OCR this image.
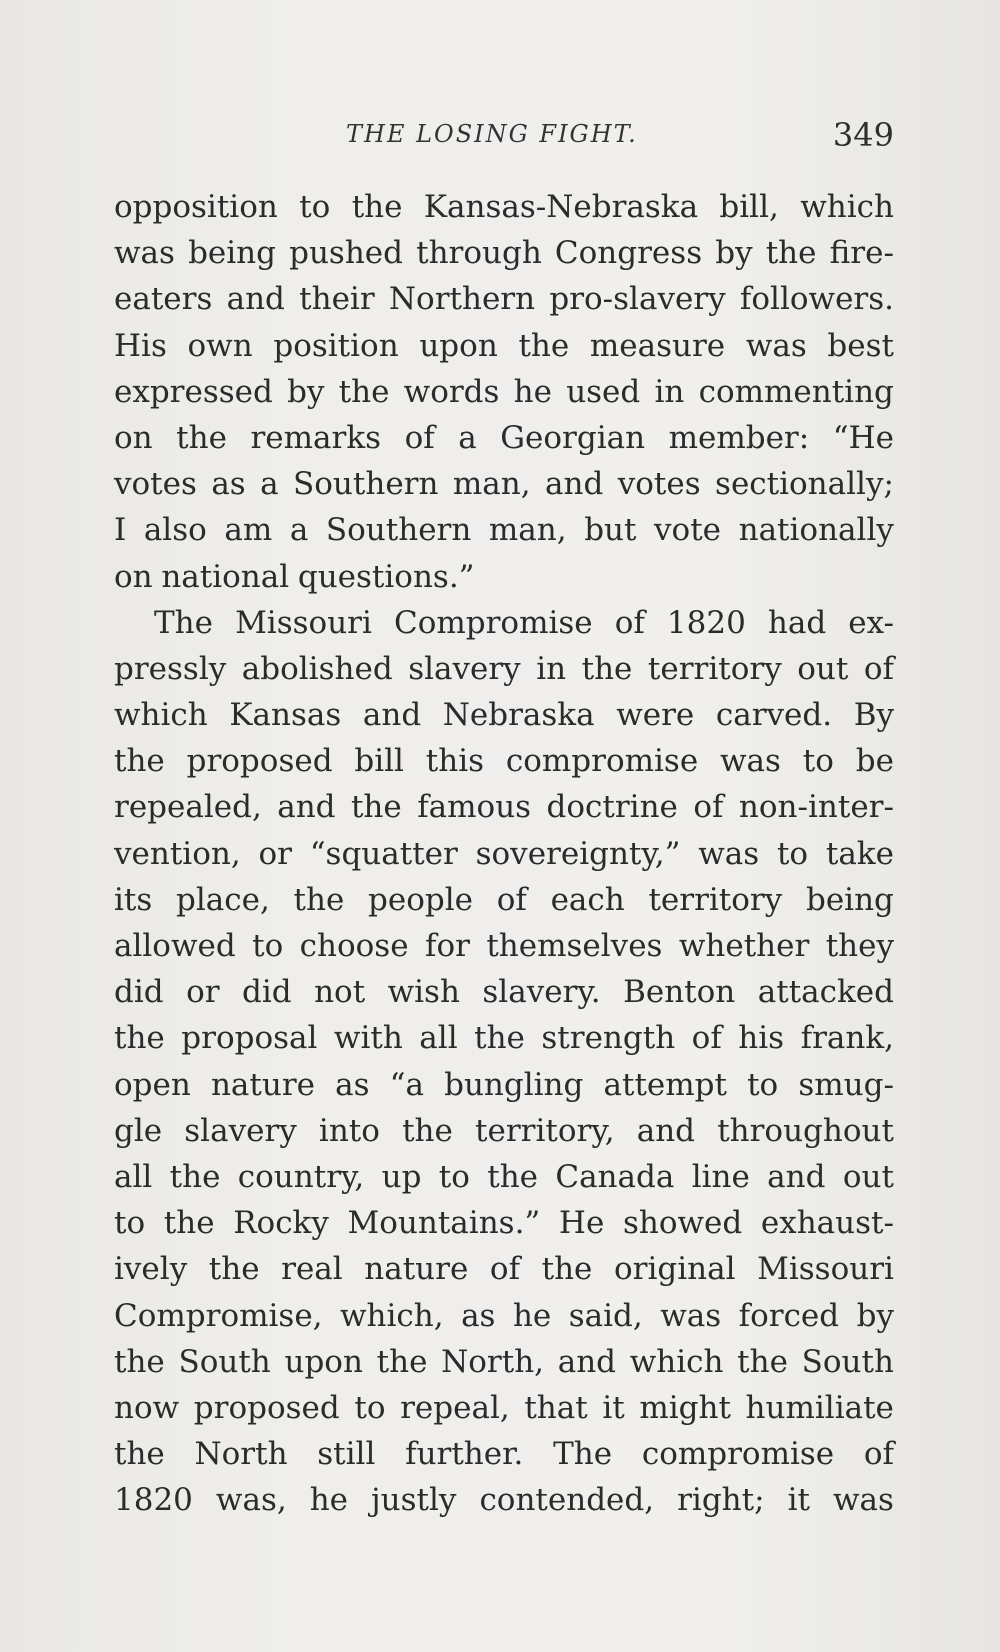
THE LOSING FIGHT.	349
opposition to the Kansas-Nebraska bill, which
was being pushed through Congress by the fire-
eaters and their Northern pro-slavery followers.
His own position upon the measure was best
expressed by the words he used in commenting
on the remarks of a Georgian member: “He
votes as a Southern man, and votes sectionally;
I also am a Southern man, but vote nationally
on national questions.”
The Missouri Compromise of 1820 had ex-
pressly abolished slavery in the territory out of
which Kansas and Nebraska were carved. By
the proposed bill this compromise was to be
repealed, and the famous doctrine of non-inter-
vention, or “squatter sovereignty,” was to take
its place, the people of each territory being
allowed to choose for themselves whether they
did or did not wish slavery. Benton attacked
the proposal with all the strength of his frank,
open nature as “a bungling attempt to smug-
gle slavery into the territory, and throughout
all the country, up to the Canada line and out
to the Rocky Mountains.” He showed exhaust-
ively the real nature of the original Missouri
Compromise, which, as he said, was forced by
the South upon the North, and which the South
now proposed to repeal, that it might humiliate
the North still further. The compromise of
1820 was, he justly contended, right; it was
